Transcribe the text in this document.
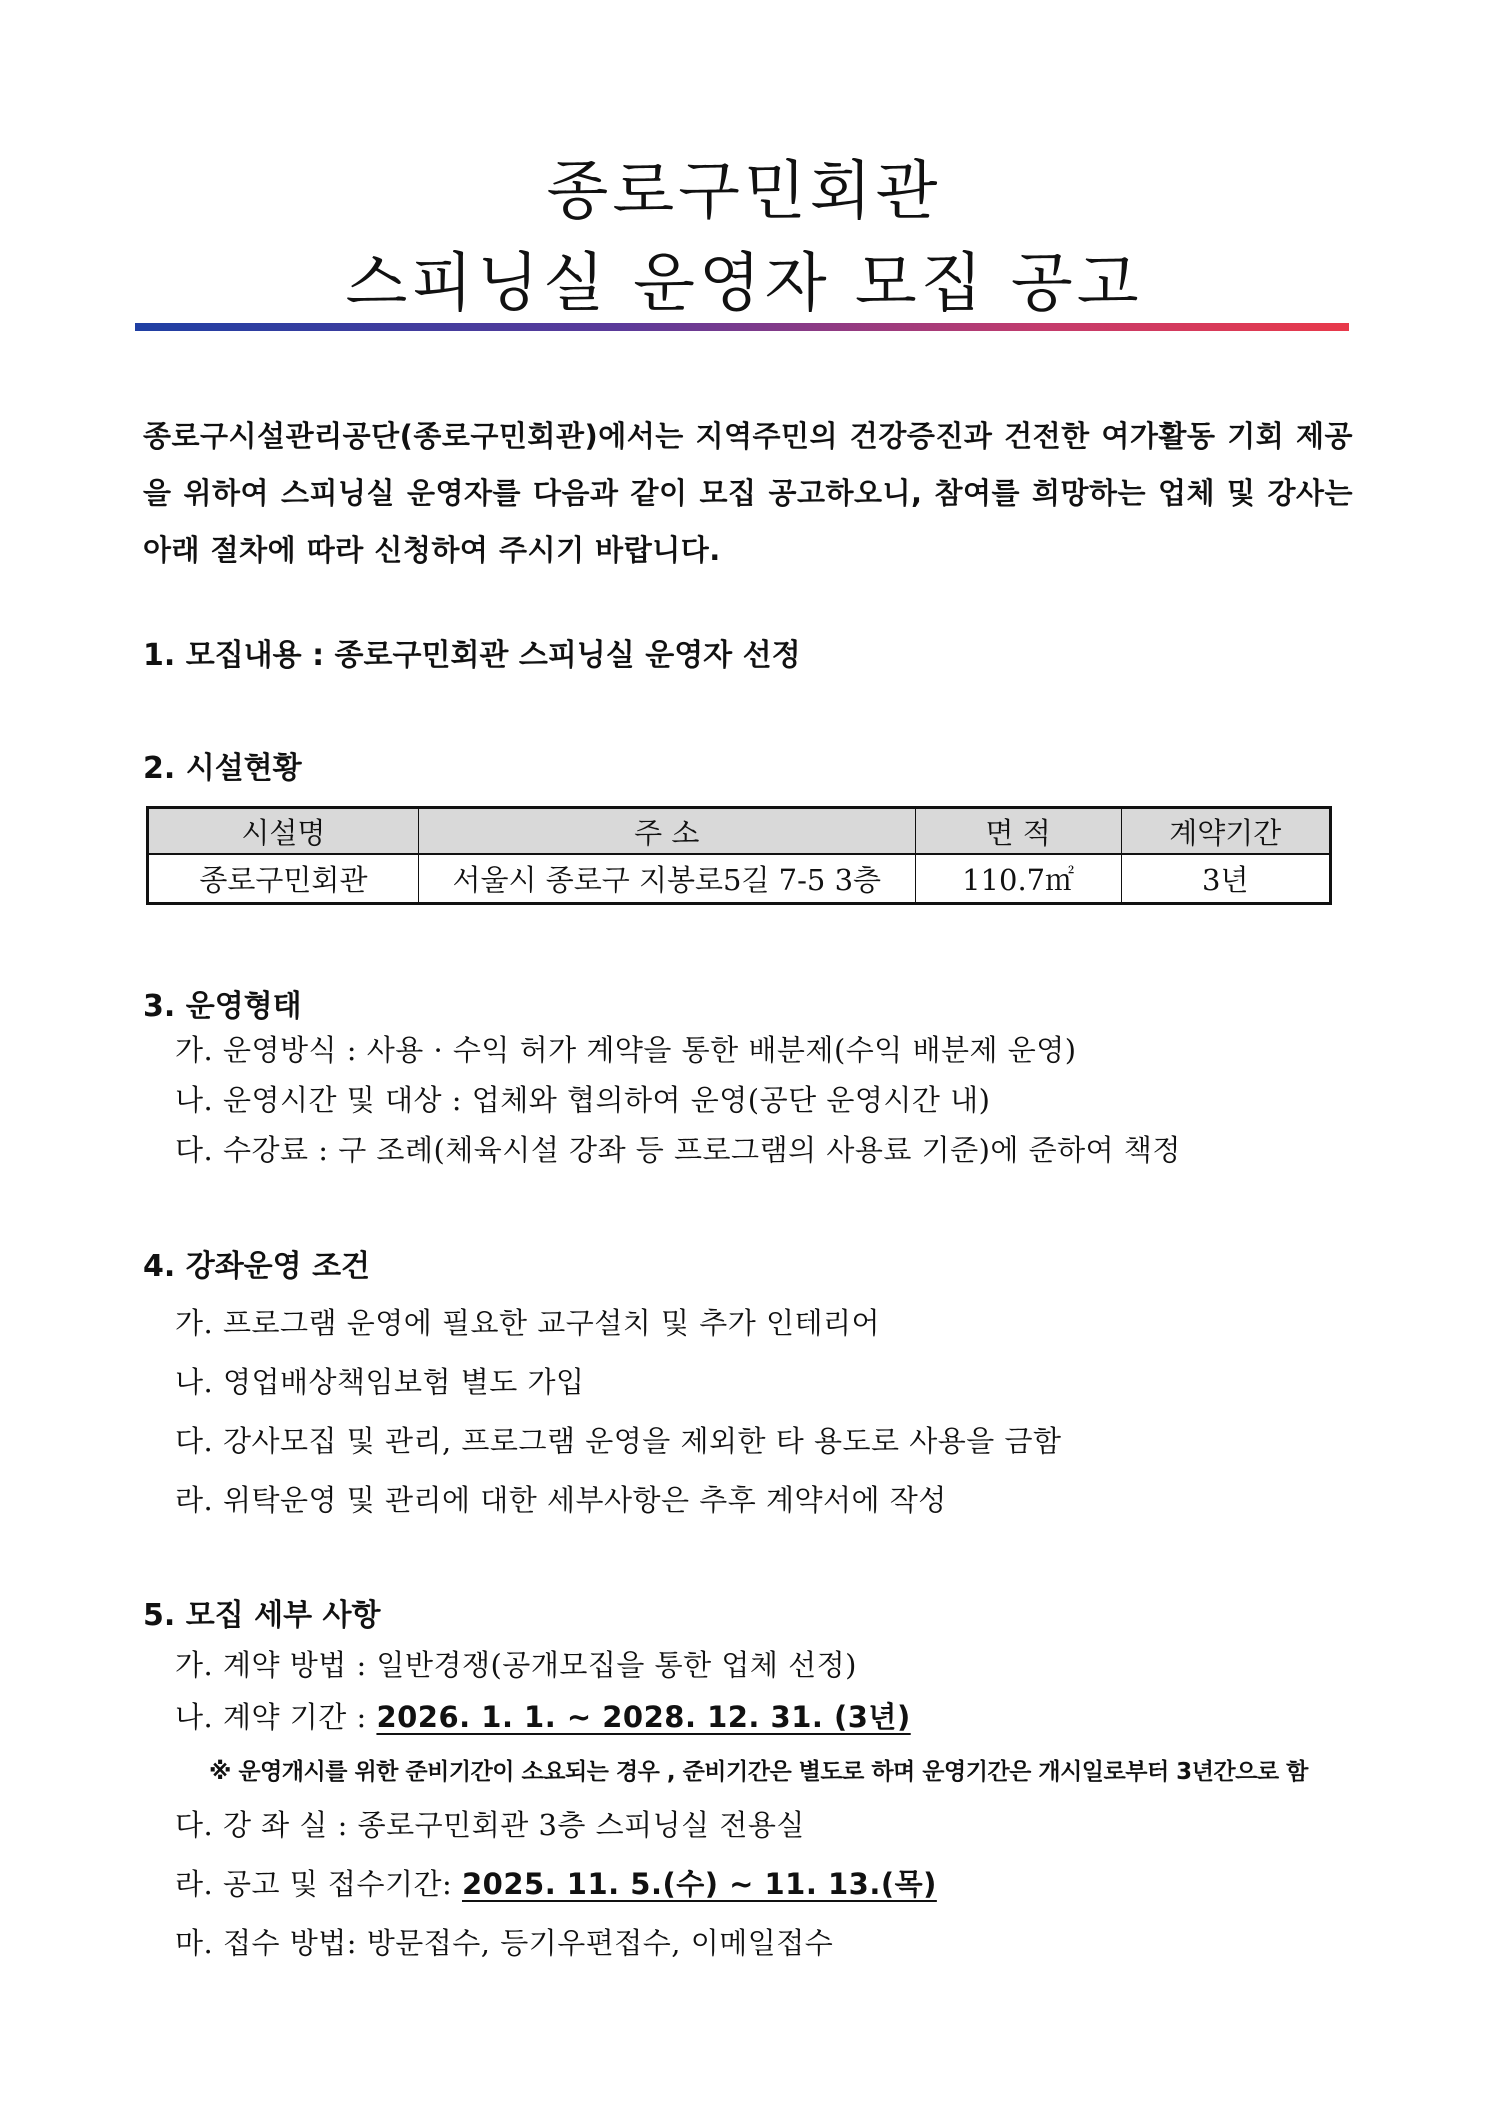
종로구민회관
스피닝실 운영자 모집 공고
종로구시설관리공단(종로구민회관)에서는 지역주민의 건강증진과 건전한 여가활동 기회 제공을 위하여 스피닝실 운영자를 다음과 같이 모집 공고하오니, 참여를 희망하는 업체 및 강사는 아래 절차에 따라 신청하여 주시기 바랍니다.
1. 모집내용 : 종로구민회관 스피닝실 운영자 선정
2. 시설현황
시설명	주 소	면 적	계약기간
종로구민회관	서울시 종로구 지봉로5길 7-5 3층	110.7㎡	3년
3. 운영형태
가. 운영방식 : 사용 · 수익 허가 계약을 통한 배분제(수익 배분제 운영)
나. 운영시간 및 대상 : 업체와 협의하여 운영(공단 운영시간 내)
다. 수강료 : 구 조례(체육시설 강좌 등 프로그램의 사용료 기준)에 준하여 책정
4. 강좌운영 조건
가. 프로그램 운영에 필요한 교구설치 및 추가 인테리어
나. 영업배상책임보험 별도 가입
다. 강사모집 및 관리, 프로그램 운영을 제외한 타 용도로 사용을 금함
라. 위탁운영 및 관리에 대한 세부사항은 추후 계약서에 작성
5. 모집 세부 사항
가. 계약 방법 : 일반경쟁(공개모집을 통한 업체 선정)
나. 계약 기간 : 2026. 1. 1. ~ 2028. 12. 31. (3년)
※ 운영개시를 위한 준비기간이 소요되는 경우 , 준비기간은 별도로 하며 운영기간은 개시일로부터 3년간으로 함
다. 강 좌 실 : 종로구민회관 3층 스피닝실 전용실
라. 공고 및 접수기간: 2025. 11. 5.(수) ~ 11. 13.(목)
마. 접수 방법: 방문접수, 등기우편접수, 이메일접수
